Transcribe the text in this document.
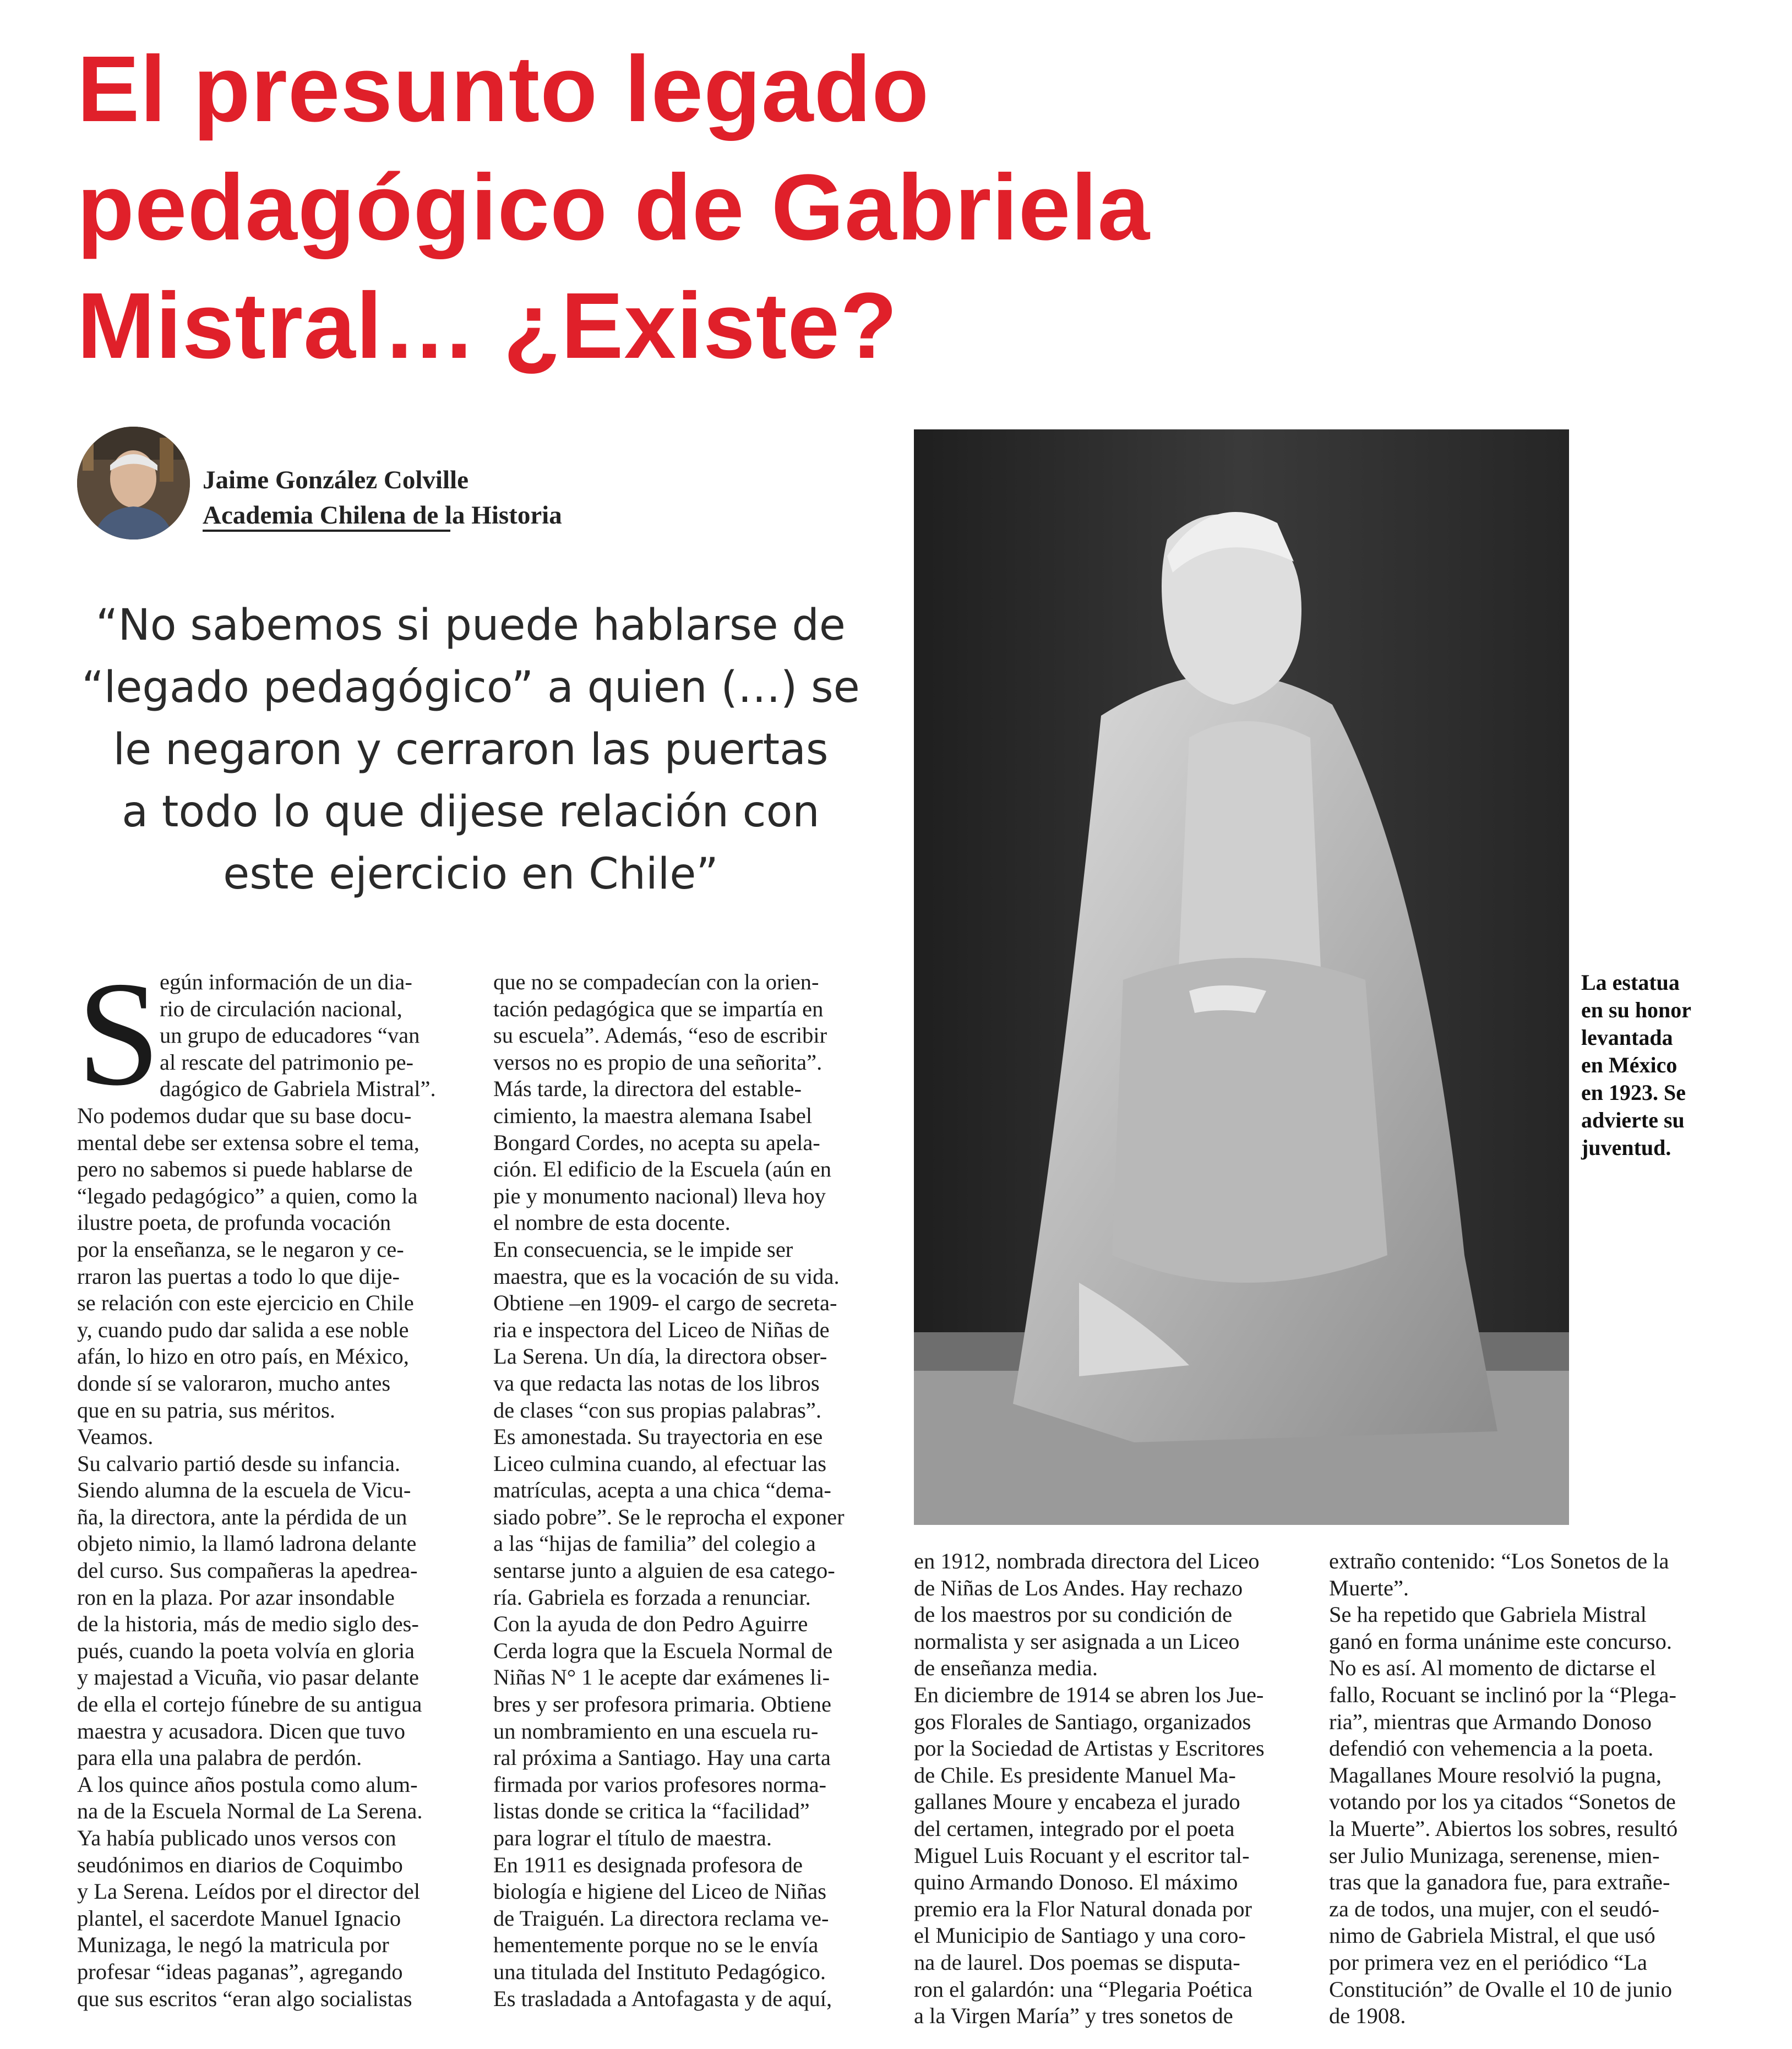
El presunto legado
pedagógico de Gabriela
Mistral… ¿Existe?
Jaime González Colville
Academia Chilena de la Historia
“No sabemos si puede hablarse de
“legado pedagógico” a quien (…) se
le negaron y cerraron las puertas
a todo lo que dijese relación con
este ejercicio en Chile”
La estatua
en su honor
levantada
en México
en 1923. Se
advierte su
juventud.
S
egún información de un dia-
rio de circulación nacional,
un grupo de educadores “van
al rescate del patrimonio pe-
dagógico de Gabriela Mistral”.
No podemos dudar que su base docu-
mental debe ser extensa sobre el tema,
pero no sabemos si puede hablarse de
“legado pedagógico” a quien, como la
ilustre poeta, de profunda vocación
por la enseñanza, se le negaron y ce-
rraron las puertas a todo lo que dije-
se relación con este ejercicio en Chile
y, cuando pudo dar salida a ese noble
afán, lo hizo en otro país, en México,
donde sí se valoraron, mucho antes
que en su patria, sus méritos.
Veamos.
Su calvario partió desde su infancia.
Siendo alumna de la escuela de Vicu-
ña, la directora, ante la pérdida de un
objeto nimio, la llamó ladrona delante
del curso. Sus compañeras la apedrea-
ron en la plaza. Por azar insondable
de la historia, más de medio siglo des-
pués, cuando la poeta volvía en gloria
y majestad a Vicuña, vio pasar delante
de ella el cortejo fúnebre de su antigua
maestra y acusadora. Dicen que tuvo
para ella una palabra de perdón.
A los quince años postula como alum-
na de la Escuela Normal de La Serena.
Ya había publicado unos versos con
seudónimos en diarios de Coquimbo
y La Serena. Leídos por el director del
plantel, el sacerdote Manuel Ignacio
Munizaga, le negó la matricula por
profesar “ideas paganas”, agregando
que sus escritos “eran algo socialistas
que no se compadecían con la orien-
tación pedagógica que se impartía en
su escuela”. Además, “eso de escribir
versos no es propio de una señorita”.
Más tarde, la directora del estable-
cimiento, la maestra alemana Isabel
Bongard Cordes, no acepta su apela-
ción. El edificio de la Escuela (aún en
pie y monumento nacional) lleva hoy
el nombre de esta docente.
En consecuencia, se le impide ser
maestra, que es la vocación de su vida.
Obtiene –en 1909- el cargo de secreta-
ria e inspectora del Liceo de Niñas de
La Serena. Un día, la directora obser-
va que redacta las notas de los libros
de clases “con sus propias palabras”.
Es amonestada. Su trayectoria en ese
Liceo culmina cuando, al efectuar las
matrículas, acepta a una chica “dema-
siado pobre”. Se le reprocha el exponer
a las “hijas de familia” del colegio a
sentarse junto a alguien de esa catego-
ría. Gabriela es forzada a renunciar.
Con la ayuda de don Pedro Aguirre
Cerda logra que la Escuela Normal de
Niñas N° 1 le acepte dar exámenes li-
bres y ser profesora primaria. Obtiene
un nombramiento en una escuela ru-
ral próxima a Santiago. Hay una carta
firmada por varios profesores norma-
listas donde se critica la “facilidad”
para lograr el título de maestra.
En 1911 es designada profesora de
biología e higiene del Liceo de Niñas
de Traiguén. La directora reclama ve-
hementemente porque no se le envía
una titulada del Instituto Pedagógico.
Es trasladada a Antofagasta y de aquí,
en 1912, nombrada directora del Liceo
de Niñas de Los Andes. Hay rechazo
de los maestros por su condición de
normalista y ser asignada a un Liceo
de enseñanza media.
En diciembre de 1914 se abren los Jue-
gos Florales de Santiago, organizados
por la Sociedad de Artistas y Escritores
de Chile. Es presidente Manuel Ma-
gallanes Moure y encabeza el jurado
del certamen, integrado por el poeta
Miguel Luis Rocuant y el escritor tal-
quino Armando Donoso. El máximo
premio era la Flor Natural donada por
el Municipio de Santiago y una coro-
na de laurel. Dos poemas se disputa-
ron el galardón: una “Plegaria Poética
a la Virgen María” y tres sonetos de
extraño contenido: “Los Sonetos de la
Muerte”.
Se ha repetido que Gabriela Mistral
ganó en forma unánime este concurso.
No es así. Al momento de dictarse el
fallo, Rocuant se inclinó por la “Plega-
ria”, mientras que Armando Donoso
defendió con vehemencia a la poeta.
Magallanes Moure resolvió la pugna,
votando por los ya citados “Sonetos de
la Muerte”. Abiertos los sobres, resultó
ser Julio Munizaga, serenense, mien-
tras que la ganadora fue, para extrañe-
za de todos, una mujer, con el seudó-
nimo de Gabriela Mistral, el que usó
por primera vez en el periódico “La
Constitución” de Ovalle el 10 de junio
de 1908.
